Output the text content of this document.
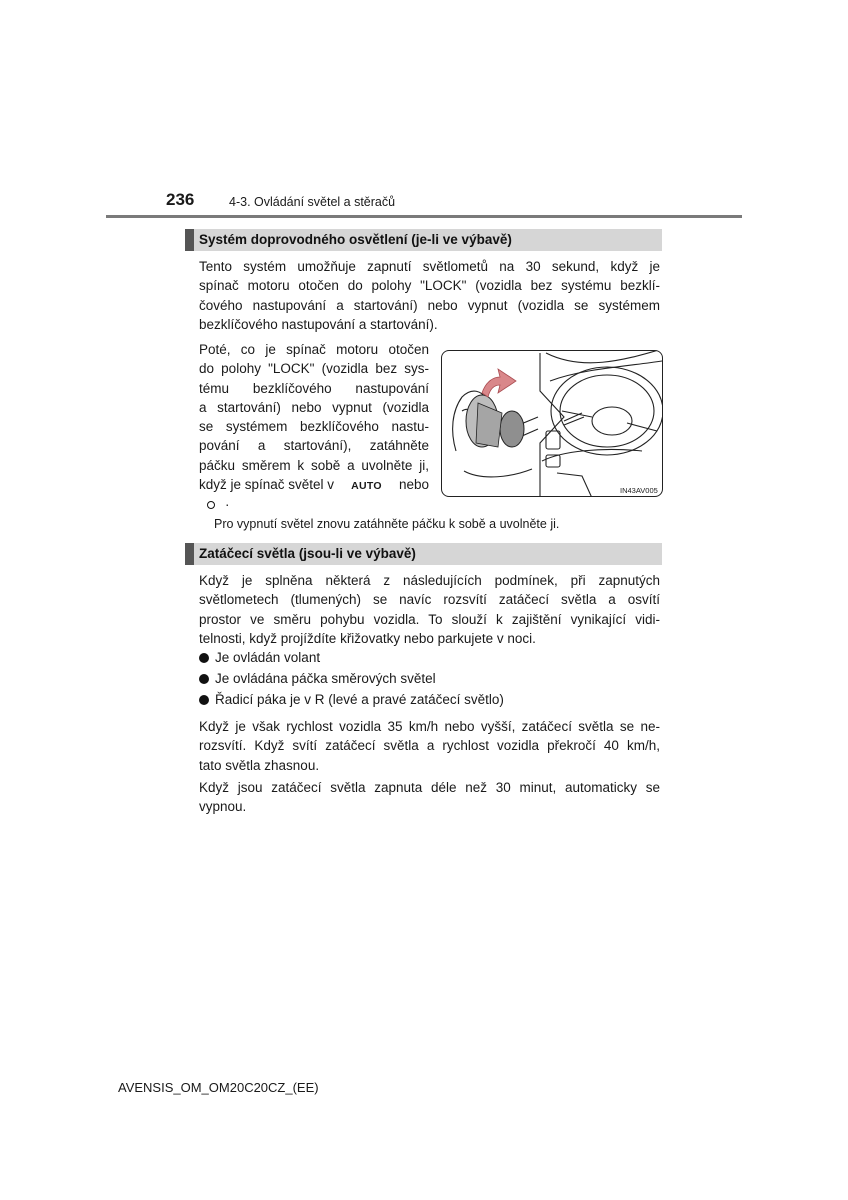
236	4-3. Ovládání světel a stěračů
Systém doprovodného osvětlení (je-li ve výbavě)
Tento systém umožňuje zapnutí světlometů na 30 sekund, když je
spínač motoru otočen do polohy "LOCK" (vozidla bez systému bezklí-
čového nastupování a startování) nebo vypnut (vozidla se systémem
bezklíčového nastupování a startování).
Poté, co je spínač motoru otočen
do polohy "LOCK" (vozidla bez sys-
tému bezklíčového nastupování
a startování) nebo vypnut (vozidla
se systémem bezklíčového nastu-
pování a startování), zatáhněte
páčku směrem k sobě a uvolněte ji,
když je spínač světel v AUTO nebo
·
IN43AV005
Pro vypnutí světel znovu zatáhněte páčku k sobě a uvolněte ji.
Zatáčecí světla (jsou-li ve výbavě)
Když je splněna některá z následujících podmínek, při zapnutých
světlometech (tlumených) se navíc rozsvítí zatáčecí světla a osvítí
prostor ve směru pohybu vozidla. To slouží k zajištění vynikající vidi-
telnosti, když projíždíte křižovatky nebo parkujete v noci.
Je ovládán volant
Je ovládána páčka směrových světel
Řadicí páka je v R (levé a pravé zatáčecí světlo)
Když je však rychlost vozidla 35 km/h nebo vyšší, zatáčecí světla se ne-
rozsvítí. Když svítí zatáčecí světla a rychlost vozidla překročí 40 km/h,
tato světla zhasnou.
Když jsou zatáčecí světla zapnuta déle než 30 minut, automaticky se
vypnou.
AVENSIS_OM_OM20C20CZ_(EE)
